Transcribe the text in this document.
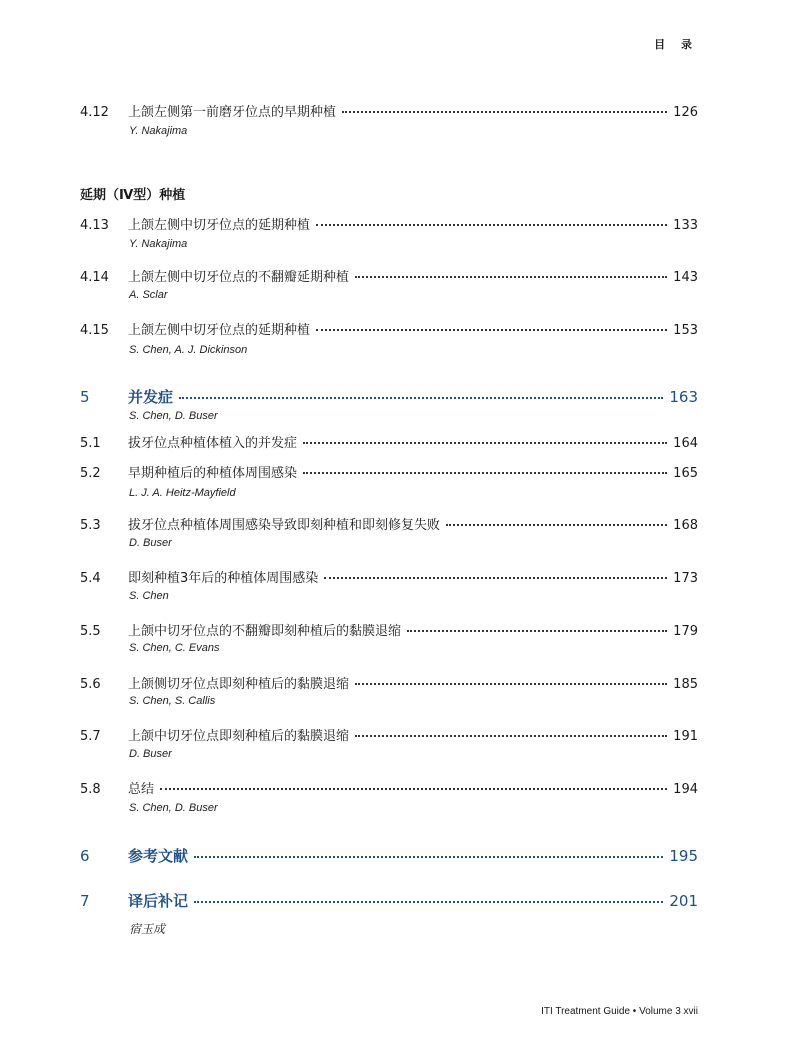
目 录
4.12	上颌左侧第一前磨牙位点的早期种植	126
Y. Nakajima
延期（Ⅳ型）种植
4.13	上颌左侧中切牙位点的延期种植	133
Y. Nakajima
4.14	上颌左侧中切牙位点的不翻瓣延期种植	143
A. Sclar
4.15	上颌左侧中切牙位点的延期种植	153
S. Chen, A. J. Dickinson
5	并发症	163
S. Chen, D. Buser
5.1	拔牙位点种植体植入的并发症	164
5.2	早期种植后的种植体周围感染	165
L. J. A. Heitz-Mayfield
5.3	拔牙位点种植体周围感染导致即刻种植和即刻修复失败	168
D. Buser
5.4	即刻种植3年后的种植体周围感染	173
S. Chen
5.5	上颌中切牙位点的不翻瓣即刻种植后的黏膜退缩	179
S. Chen, C. Evans
5.6	上颌侧切牙位点即刻种植后的黏膜退缩	185
S. Chen, S. Callis
5.7	上颌中切牙位点即刻种植后的黏膜退缩	191
D. Buser
5.8	总结	194
S. Chen, D. Buser
6	参考文献	195
7	译后补记	201
宿玉成
ITI Treatment Guide • Volume 3 xvii
